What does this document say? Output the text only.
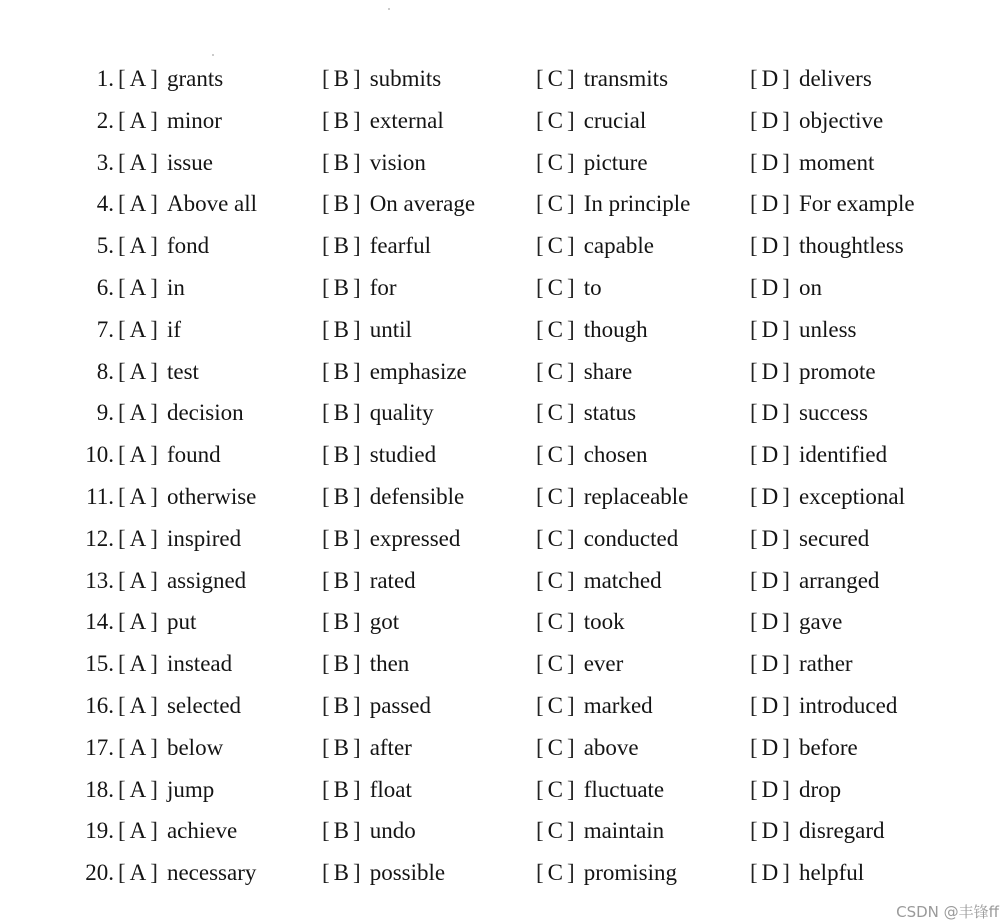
1. [ A ] grants	[ B ] submits	[ C ] transmits	[ D ] delivers
2. [ A ] minor	[ B ] external	[ C ] crucial	[ D ] objective
3. [ A ] issue	[ B ] vision	[ C ] picture	[ D ] moment
4. [ A ] Above all	[ B ] On average	[ C ] In principle	[ D ] For example
5. [ A ] fond	[ B ] fearful	[ C ] capable	[ D ] thoughtless
6. [ A ] in	[ B ] for	[ C ] to	[ D ] on
7. [ A ] if	[ B ] until	[ C ] though	[ D ] unless
8. [ A ] test	[ B ] emphasize	[ C ] share	[ D ] promote
9. [ A ] decision	[ B ] quality	[ C ] status	[ D ] success
10. [ A ] found	[ B ] studied	[ C ] chosen	[ D ] identified
11. [ A ] otherwise	[ B ] defensible	[ C ] replaceable	[ D ] exceptional
12. [ A ] inspired	[ B ] expressed	[ C ] conducted	[ D ] secured
13. [ A ] assigned	[ B ] rated	[ C ] matched	[ D ] arranged
14. [ A ] put	[ B ] got	[ C ] took	[ D ] gave
15. [ A ] instead	[ B ] then	[ C ] ever	[ D ] rather
16. [ A ] selected	[ B ] passed	[ C ] marked	[ D ] introduced
17. [ A ] below	[ B ] after	[ C ] above	[ D ] before
18. [ A ] jump	[ B ] float	[ C ] fluctuate	[ D ] drop
19. [ A ] achieve	[ B ] undo	[ C ] maintain	[ D ] disregard
20. [ A ] necessary	[ B ] possible	[ C ] promising	[ D ] helpful
CSDN @丰锋ff
